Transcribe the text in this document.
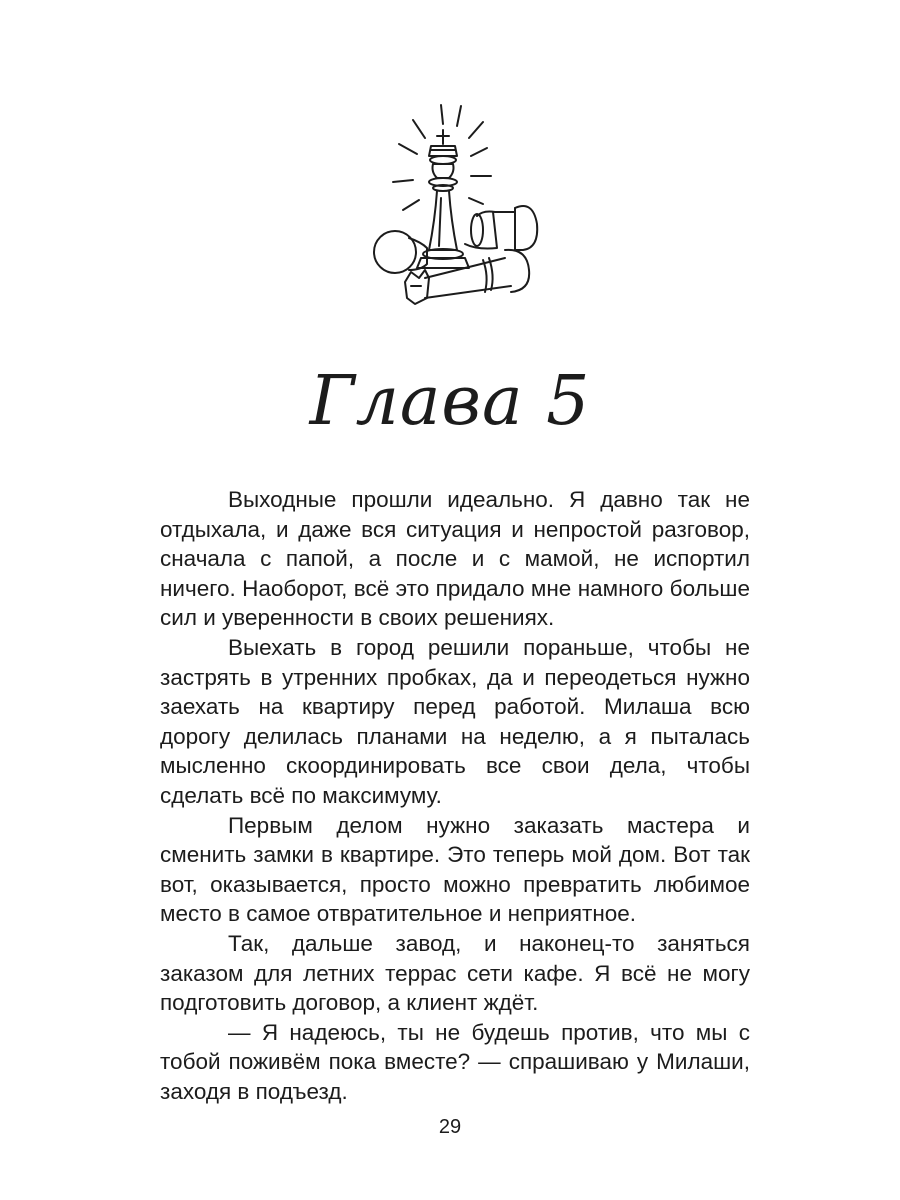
Глава 5

Выходные прошли идеально. Я давно так не отдыхала, и даже вся ситуация и непростой разговор, сначала с папой, а после и с мамой, не испортил ничего. Наоборот, всё это придало мне намного больше сил и уверенности в своих решениях.

Выехать в город решили пораньше, чтобы не застрять в утренних пробках, да и переодеться нужно заехать на квартиру перед работой. Милаша всю дорогу делилась планами на неделю, а я пыталась мысленно скоординировать все свои дела, чтобы сделать всё по максимуму.

Первым делом нужно заказать мастера и сменить замки в квартире. Это теперь мой дом. Вот так вот, оказывается, просто можно превратить любимое место в самое отвратительное и неприятное.

Так, дальше завод, и наконец-то заняться заказом для летних террас сети кафе. Я всё не могу подготовить договор, а клиент ждёт.

— Я надеюсь, ты не будешь против, что мы с тобой поживём пока вместе? — спрашиваю у Милаши, заходя в подъезд.

29
